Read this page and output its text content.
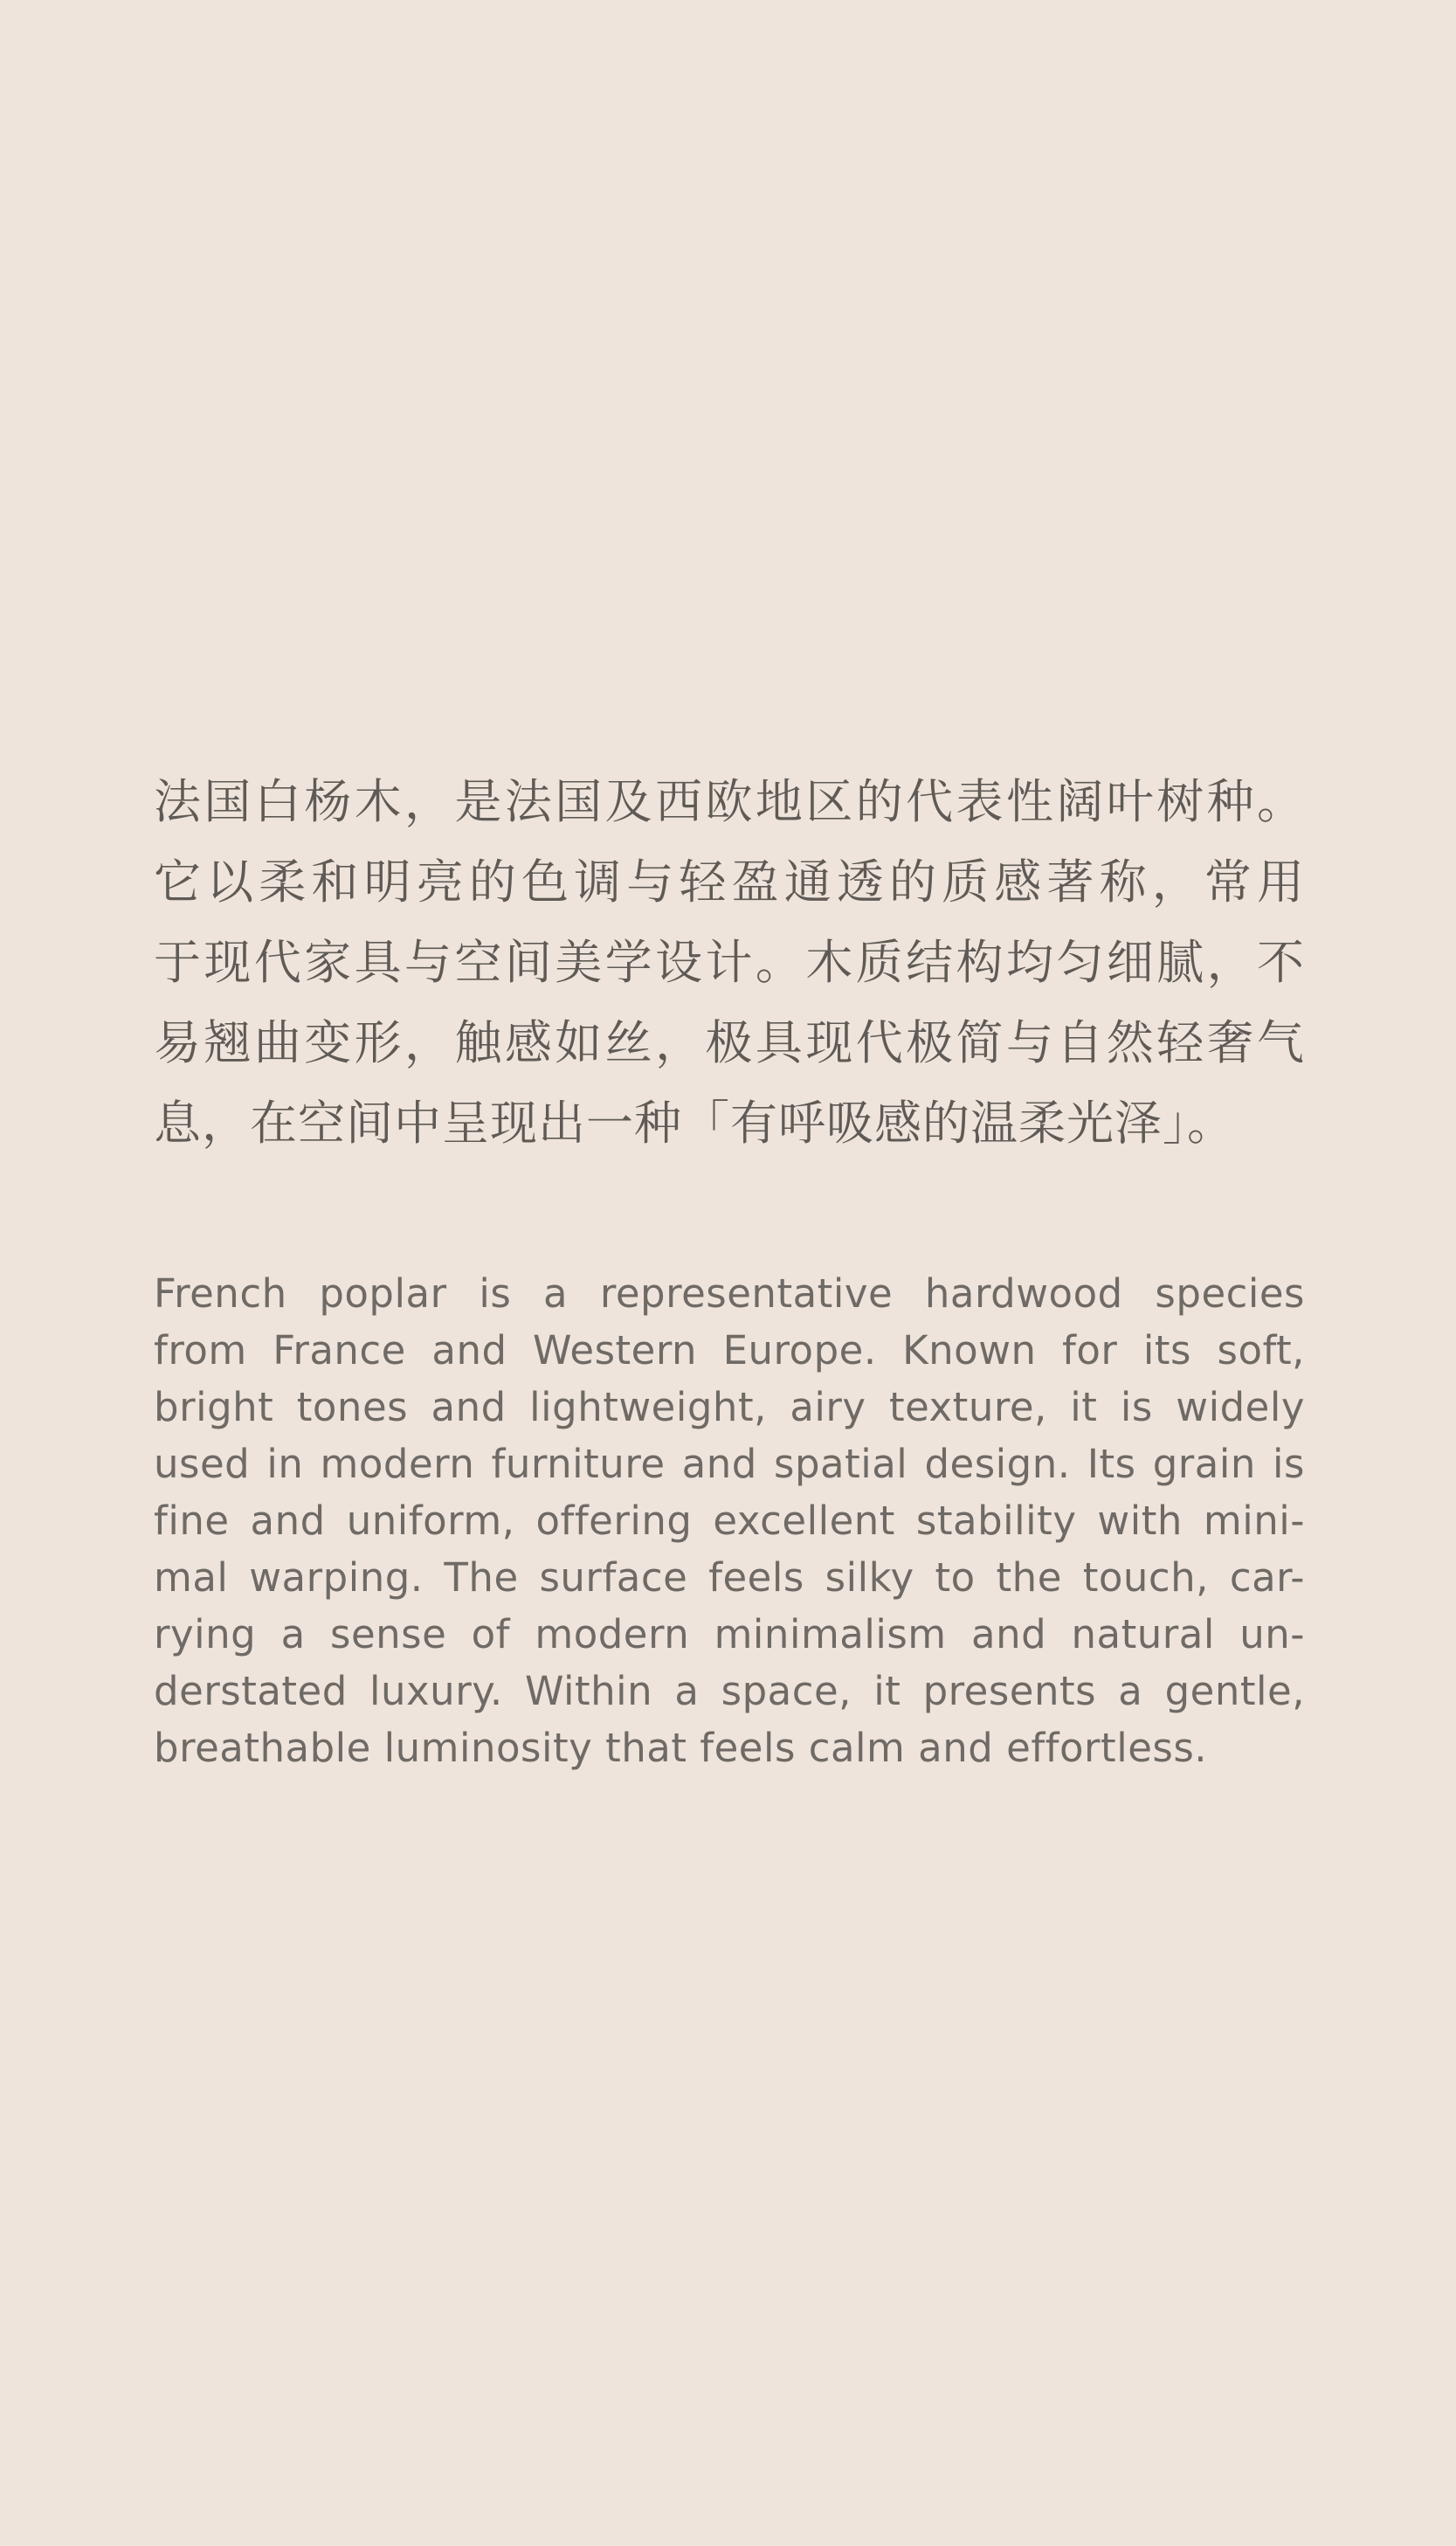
法国白杨木，是法国及西欧地区的代表性阔叶树种。
它以柔和明亮的色调与轻盈通透的质感著称，常用
于现代家具与空间美学设计。木质结构均匀细腻，不
易翘曲变形，触感如丝，极具现代极简与自然轻奢气
息，在空间中呈现出一种「有呼吸感的温柔光泽」。
French poplar is a representative hardwood species
from France and Western Europe. Known for its soft,
bright tones and lightweight, airy texture, it is widely
used in modern furniture and spatial design. Its grain is
fine and uniform, offering excellent stability with mini-
mal warping. The surface feels silky to the touch, car-
rying a sense of modern minimalism and natural un-
derstated luxury. Within a space, it presents a gentle,
breathable luminosity that feels calm and effortless.
